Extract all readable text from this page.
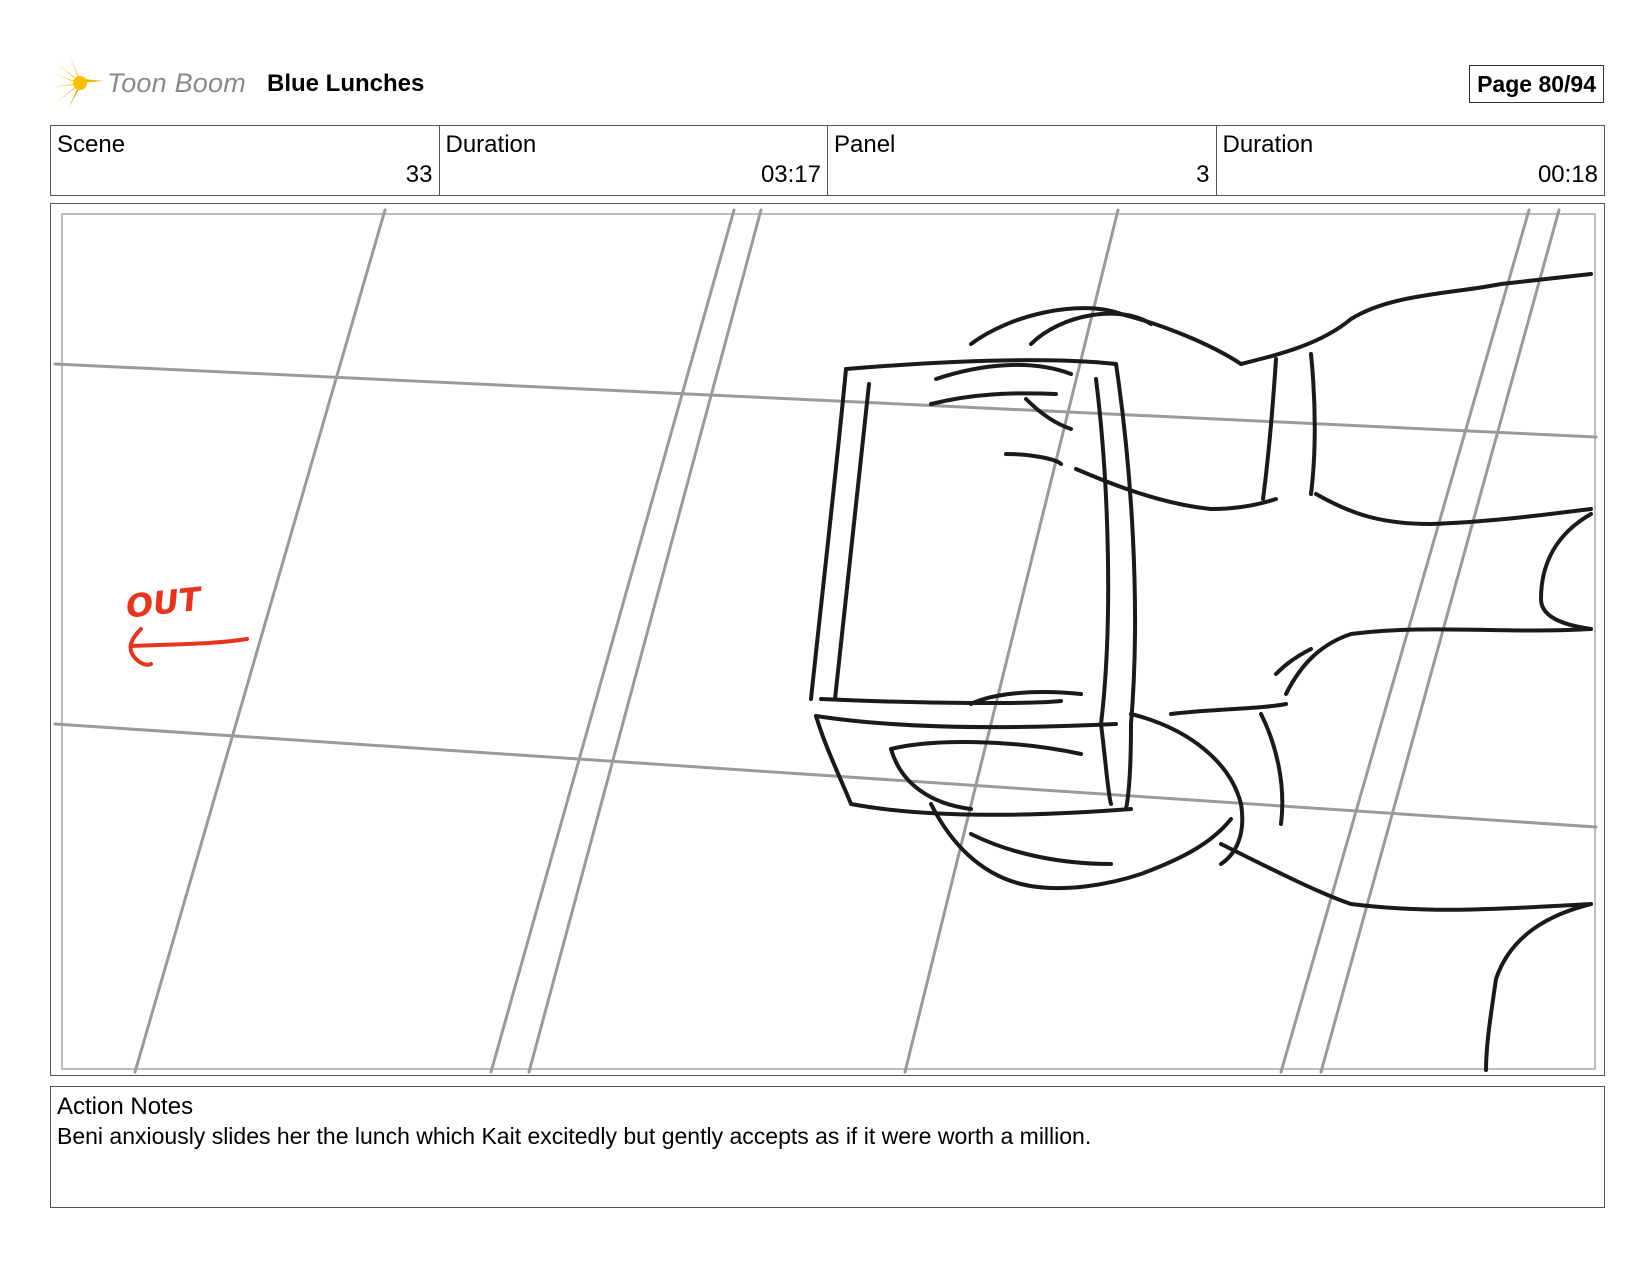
Toon Boom Blue Lunches	Page 80/94
Scene
33
Duration
03:17
Panel
3
Duration
00:18
OUT
Action Notes
Beni anxiously slides her the lunch which Kait excitedly but gently accepts as if it were worth a million.
